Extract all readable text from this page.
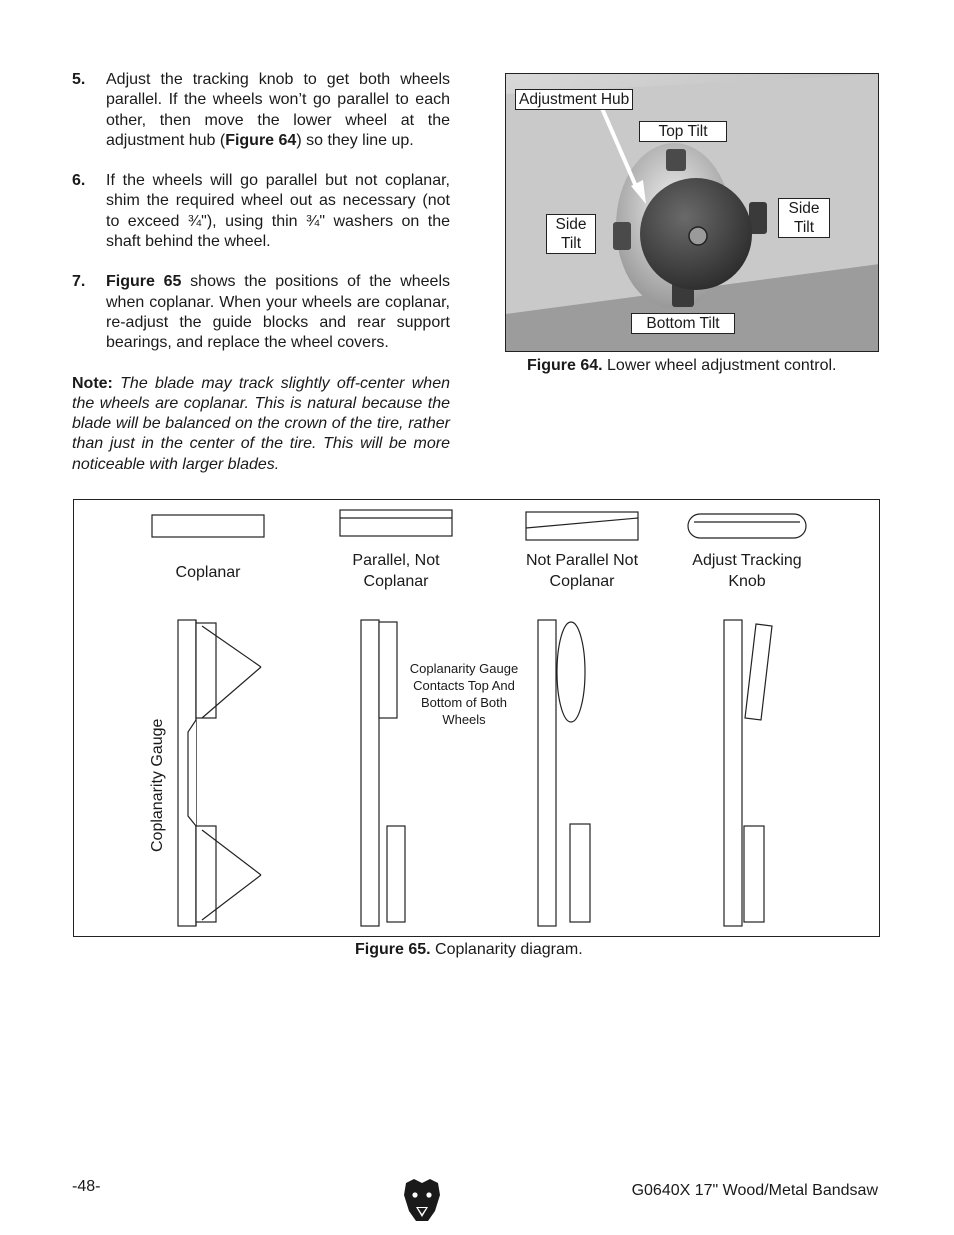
5. Adjust the tracking knob to get both wheels parallel. If the wheels won’t go parallel to each other, then move the lower wheel at the adjustment hub (Figure 64) so they line up.
6. If the wheels will go parallel but not coplanar, shim the required wheel out as necessary (not to exceed ¾"), using thin ¾" washers on the shaft behind the wheel.
7. Figure 65 shows the positions of the wheels when coplanar. When your wheels are coplanar, re-adjust the guide blocks and rear support bearings, and replace the wheel covers.
Note: The blade may track slightly off-center when the wheels are coplanar. This is natural because the blade will be balanced on the crown of the tire, rather than just in the center of the tire. This will be more noticeable with larger blades.
Adjustment Hub
Top Tilt
Side Tilt
Side Tilt
Bottom Tilt
Figure 64. Lower wheel adjustment control.
Coplanar
Parallel, Not Coplanar
Not Parallel Not Coplanar
Adjust Tracking Knob
Coplanarity Gauge Contacts Top And Bottom of Both Wheels
Coplanarity Gauge
Figure 65. Coplanarity diagram.
-48-	G0640X 17" Wood/Metal Bandsaw
